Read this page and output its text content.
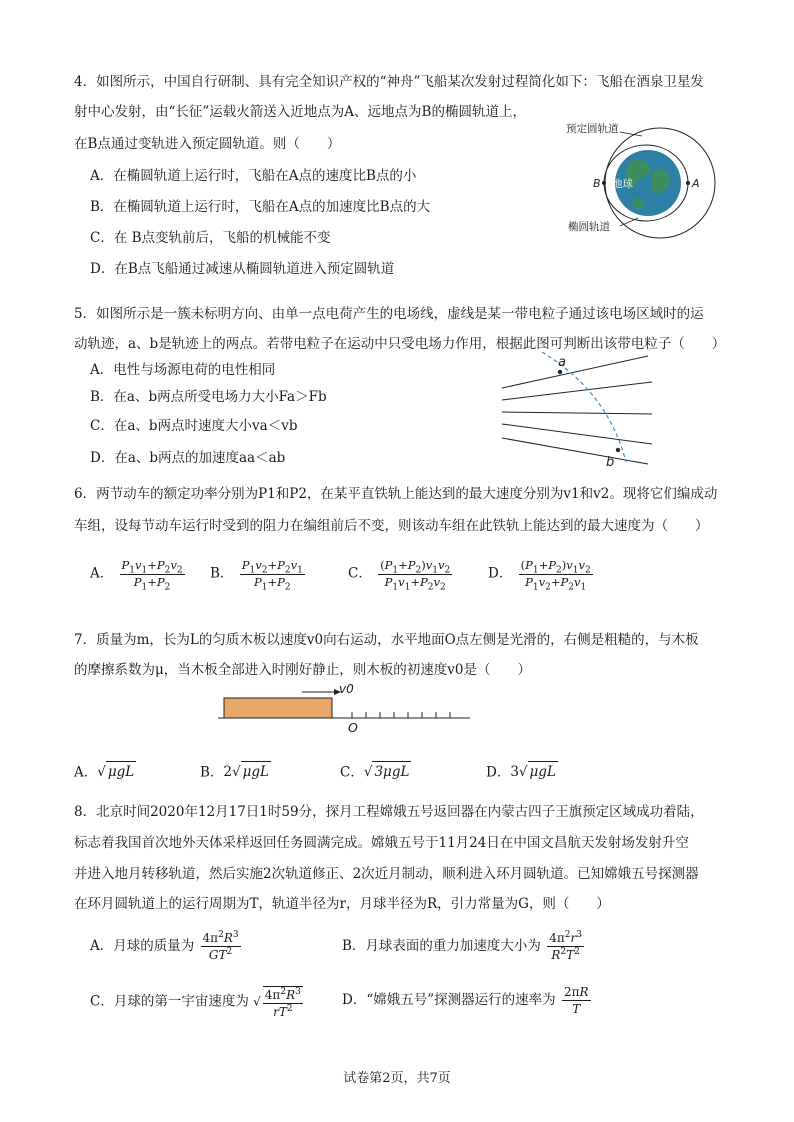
4．如图所示，中国自行研制、具有完全知识产权的“神舟”飞船某次发射过程简化如下：飞船在酒泉卫星发
射中心发射，由“长征”运载火箭送入近地点为A、远地点为B的椭圆轨道上，
在B点通过变轨进入预定圆轨道。则（　　）
A．在椭圆轨道上运行时，飞船在A点的速度比B点的小
B．在椭圆轨道上运行时，飞船在A点的加速度比B点的大
C．在 B点变轨前后，飞船的机械能不变
D．在B点飞船通过减速从椭圆轨道进入预定圆轨道
预定圆轨道
B 地球	A
椭圆轨道
5．如图所示是一簇未标明方向、由单一点电荷产生的电场线，虚线是某一带电粒子通过该电场区域时的运
动轨迹，a、b是轨迹上的两点。若带电粒子在运动中只受电场力作用，根据此图可判断出该带电粒子（　　）
A．电性与场源电荷的电性相同
B．在a、b两点所受电场力大小Fa＞Fb
C．在a、b两点时速度大小va＜vb
D．在a、b两点的加速度aa＜ab
a
b
6．两节动车的额定功率分别为P1和P2，在某平直铁轨上能达到的最大速度分别为v1和v2。现将它们编成动
车组，设每节动车运行时受到的阻力在编组前后不变，则该动车组在此铁轨上能达到的最大速度为（　　）
A． $\frac{P_1v_1+P_2v_2}{P_1+P_2}$ B． $\frac{P_1v_2+P_2v_1}{P_1+P_2}$	C． $\frac{(P_1+P_2)v_1v_2}{P_1v_1+P_2v_2}$	D． $\frac{(P_1+P_2)v_1v_2}{P_1v_2+P_2v_1}$
7．质量为m，长为L的匀质木板以速度v0向右运动，水平地面O点左侧是光滑的，右侧是粗糙的，与木板
的摩擦系数为μ，当木板全部进入时刚好静止，则木板的初速度v0是（　　）
v0
O
A．√ μgL	B．2√ μgL	C．√ 3μgL	D．3√ μgL
8．北京时间2020年12月17日1时59分，探月工程嫦娥五号返回器在内蒙古四子王旗预定区域成功着陆，
标志着我国首次地外天体采样返回任务圆满完成。嫦娥五号于11月24日在中国文昌航天发射场发射升空
并进入地月转移轨道，然后实施2次轨道修正、2次近月制动，顺利进入环月圆轨道。已知嫦娥五号探测器
在环月圆轨道上的运行周期为T，轨道半径为r，月球半径为R，引力常量为G，则（　　）
A．月球的质量为 $\frac{4\pi^2R^3}{GT^2}$	B．月球表面的重力加速度大小为 $\frac{4\pi^2r^3}{R^2T^2}$
C．月球的第一宇宙速度为 √ $\frac{4\pi^2R^3}{rT^2}$	D．“嫦娥五号”探测器运行的速率为 $\frac{2\pi R}{T}$
试卷第2页，共7页
